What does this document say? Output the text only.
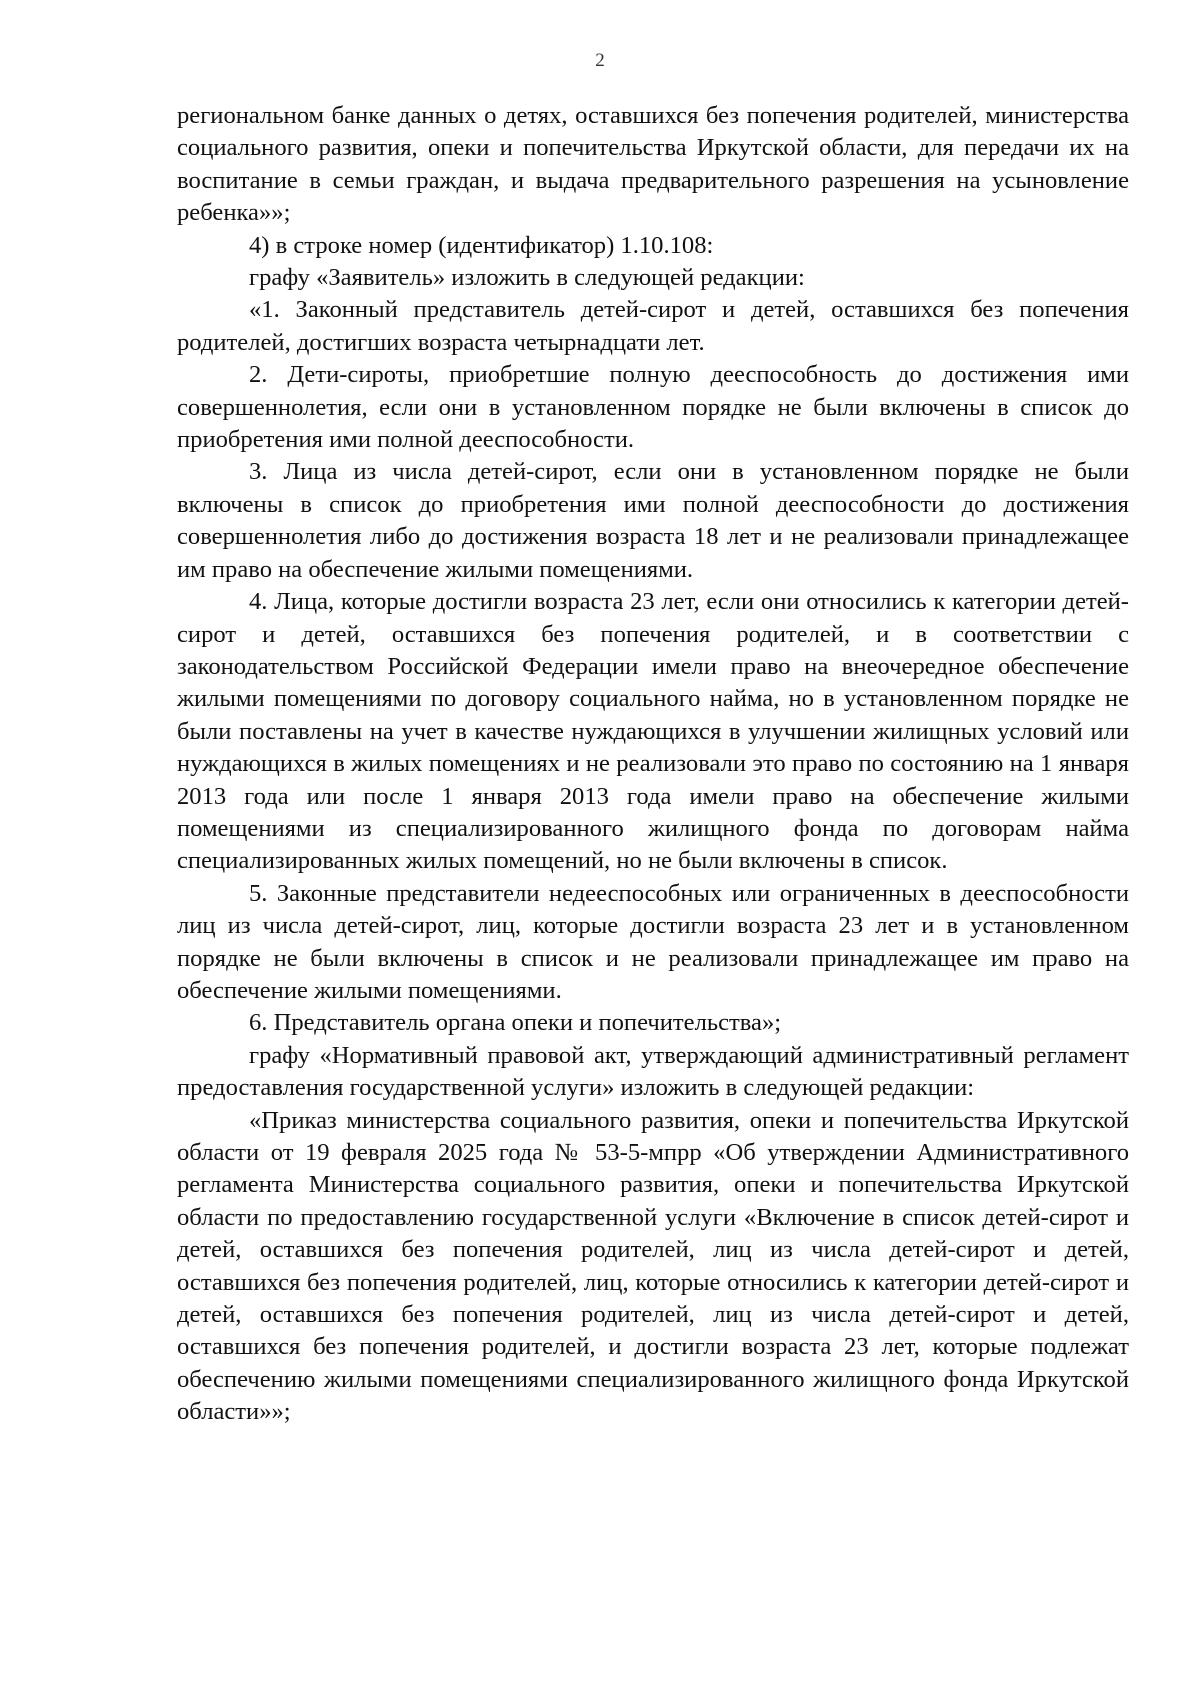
2

региональном банке данных о детях, оставшихся без попечения родителей, министерства социального развития, опеки и попечительства Иркутской области, для передачи их на воспитание в семьи граждан, и выдача предварительного разрешения на усыновление ребенка»»;

4) в строке номер (идентификатор) 1.10.108:

графу «Заявитель» изложить в следующей редакции:

«1. Законный представитель детей-сирот и детей, оставшихся без попечения родителей, достигших возраста четырнадцати лет.

2. Дети-сироты, приобретшие полную дееспособность до достижения ими совершеннолетия, если они в установленном порядке не были включены в список до приобретения ими полной дееспособности.

3. Лица из числа детей-сирот, если они в установленном порядке не были включены в список до приобретения ими полной дееспособности до достижения совершеннолетия либо до достижения возраста 18 лет и не реализовали принадлежащее им право на обеспечение жилыми помещениями.

4. Лица, которые достигли возраста 23 лет, если они относились к категории детей-сирот и детей, оставшихся без попечения родителей, и в соответствии с законодательством Российской Федерации имели право на внеочередное обеспечение жилыми помещениями по договору социального найма, но в установленном порядке не были поставлены на учет в качестве нуждающихся в улучшении жилищных условий или нуждающихся в жилых помещениях и не реализовали это право по состоянию на 1 января 2013 года или после 1 января 2013 года имели право на обеспечение жилыми помещениями из специализированного жилищного фонда по договорам найма специализированных жилых помещений, но не были включены в список.

5. Законные представители недееспособных или ограниченных в дееспособности лиц из числа детей-сирот, лиц, которые достигли возраста 23 лет и в установленном порядке не были включены в список и не реализовали принадлежащее им право на обеспечение жилыми помещениями.

6. Представитель органа опеки и попечительства»;

графу «Нормативный правовой акт, утверждающий административный регламент предоставления государственной услуги» изложить в следующей редакции:

«Приказ министерства социального развития, опеки и попечительства Иркутской области от 19 февраля 2025 года № 53-5-мпрр «Об утверждении Административного регламента Министерства социального развития, опеки и попечительства Иркутской области по предоставлению государственной услуги «Включение в список детей-сирот и детей, оставшихся без попечения родителей, лиц из числа детей-сирот и детей, оставшихся без попечения родителей, лиц, которые относились к категории детей-сирот и детей, оставшихся без попечения родителей, лиц из числа детей-сирот и детей, оставшихся без попечения родителей, и достигли возраста 23 лет, которые подлежат обеспечению жилыми помещениями специализированного жилищного фонда Иркутской области»»;
